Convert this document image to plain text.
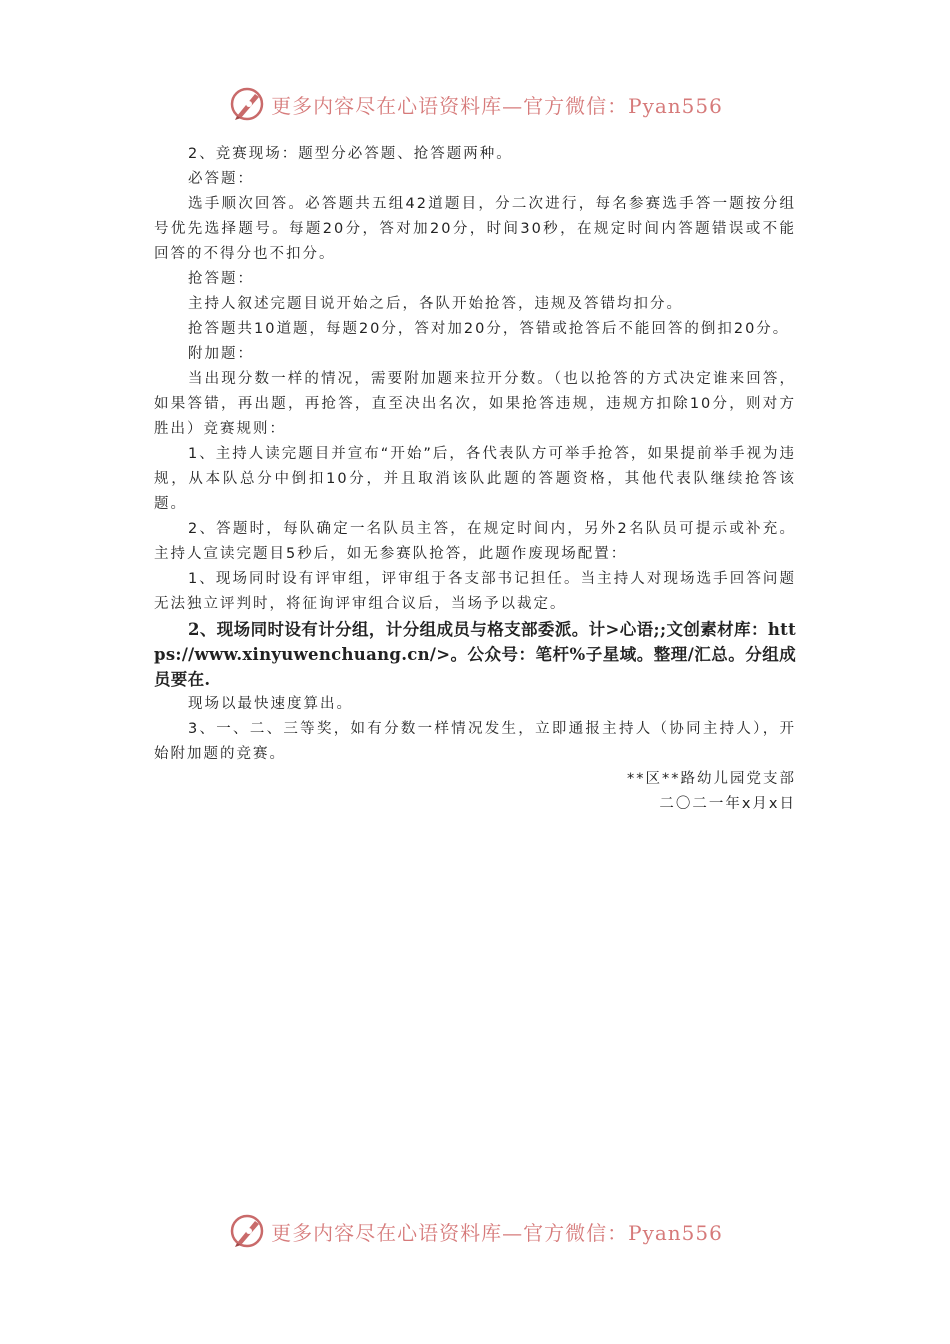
更多内容尽在心语资料库—官方微信：Pyan556

2、竞赛现场：题型分必答题、抢答题两种。

必答题：

选手顺次回答。必答题共五组42道题目，分二次进行，每名参赛选手答一题按分组号优先选择题号。每题20分，答对加20分，时间30秒，在规定时间内答题错误或不能回答的不得分也不扣分。

抢答题：

主持人叙述完题目说开始之后，各队开始抢答，违规及答错均扣分。

抢答题共10道题，每题20分，答对加20分，答错或抢答后不能回答的倒扣20分。

附加题：

当出现分数一样的情况，需要附加题来拉开分数。（也以抢答的方式决定谁来回答，如果答错，再出题，再抢答，直至决出名次，如果抢答违规，违规方扣除10分，则对方胜出）竞赛规则：

1、主持人读完题目并宣布“开始”后，各代表队方可举手抢答，如果提前举手视为违规，从本队总分中倒扣10分，并且取消该队此题的答题资格，其他代表队继续抢答该题。

2、答题时，每队确定一名队员主答，在规定时间内，另外2名队员可提示或补充。主持人宣读完题目5秒后，如无参赛队抢答，此题作废现场配置：

1、现场同时设有评审组，评审组于各支部书记担任。当主持人对现场选手回答问题无法独立评判时，将征询评审组合议后，当场予以裁定。

2、现场同时设有计分组，计分组成员与格支部委派。计>心语;;文创素材库：https://www.xinyuwenchuang.cn/>。公众号：笔杆%子星域。整理/汇总。分组成员要在.

现场以最快速度算出。

3、一、二、三等奖，如有分数一样情况发生，立即通报主持人（协同主持人），开始附加题的竞赛。

**区**路幼儿园党支部

二〇二一年x月x日

更多内容尽在心语资料库—官方微信：Pyan556
